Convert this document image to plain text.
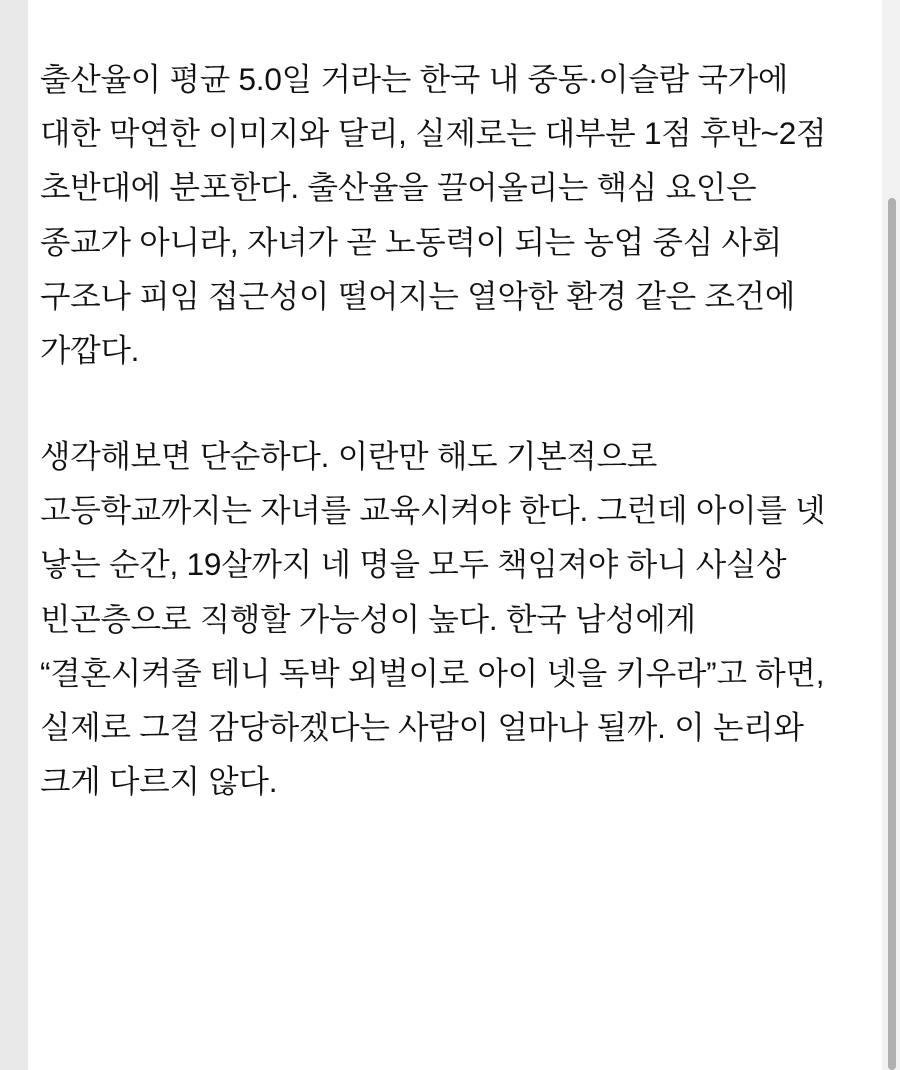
출산율이 평균 5.0일 거라는 한국 내 중동·이슬람 국가에 대한 막연한 이미지와 달리, 실제로는 대부분 1점 후반~2점 초반대에 분포한다. 출산율을 끌어올리는 핵심 요인은 종교가 아니라, 자녀가 곧 노동력이 되는 농업 중심 사회 구조나 피임 접근성이 떨어지는 열악한 환경 같은 조건에 가깝다.

생각해보면 단순하다. 이란만 해도 기본적으로 고등학교까지는 자녀를 교육시켜야 한다. 그런데 아이를 넷 낳는 순간, 19살까지 네 명을 모두 책임져야 하니 사실상 빈곤층으로 직행할 가능성이 높다. 한국 남성에게 “결혼시켜줄 테니 독박 외벌이로 아이 넷을 키우라”고 하면, 실제로 그걸 감당하겠다는 사람이 얼마나 될까. 이 논리와 크게 다르지 않다.
